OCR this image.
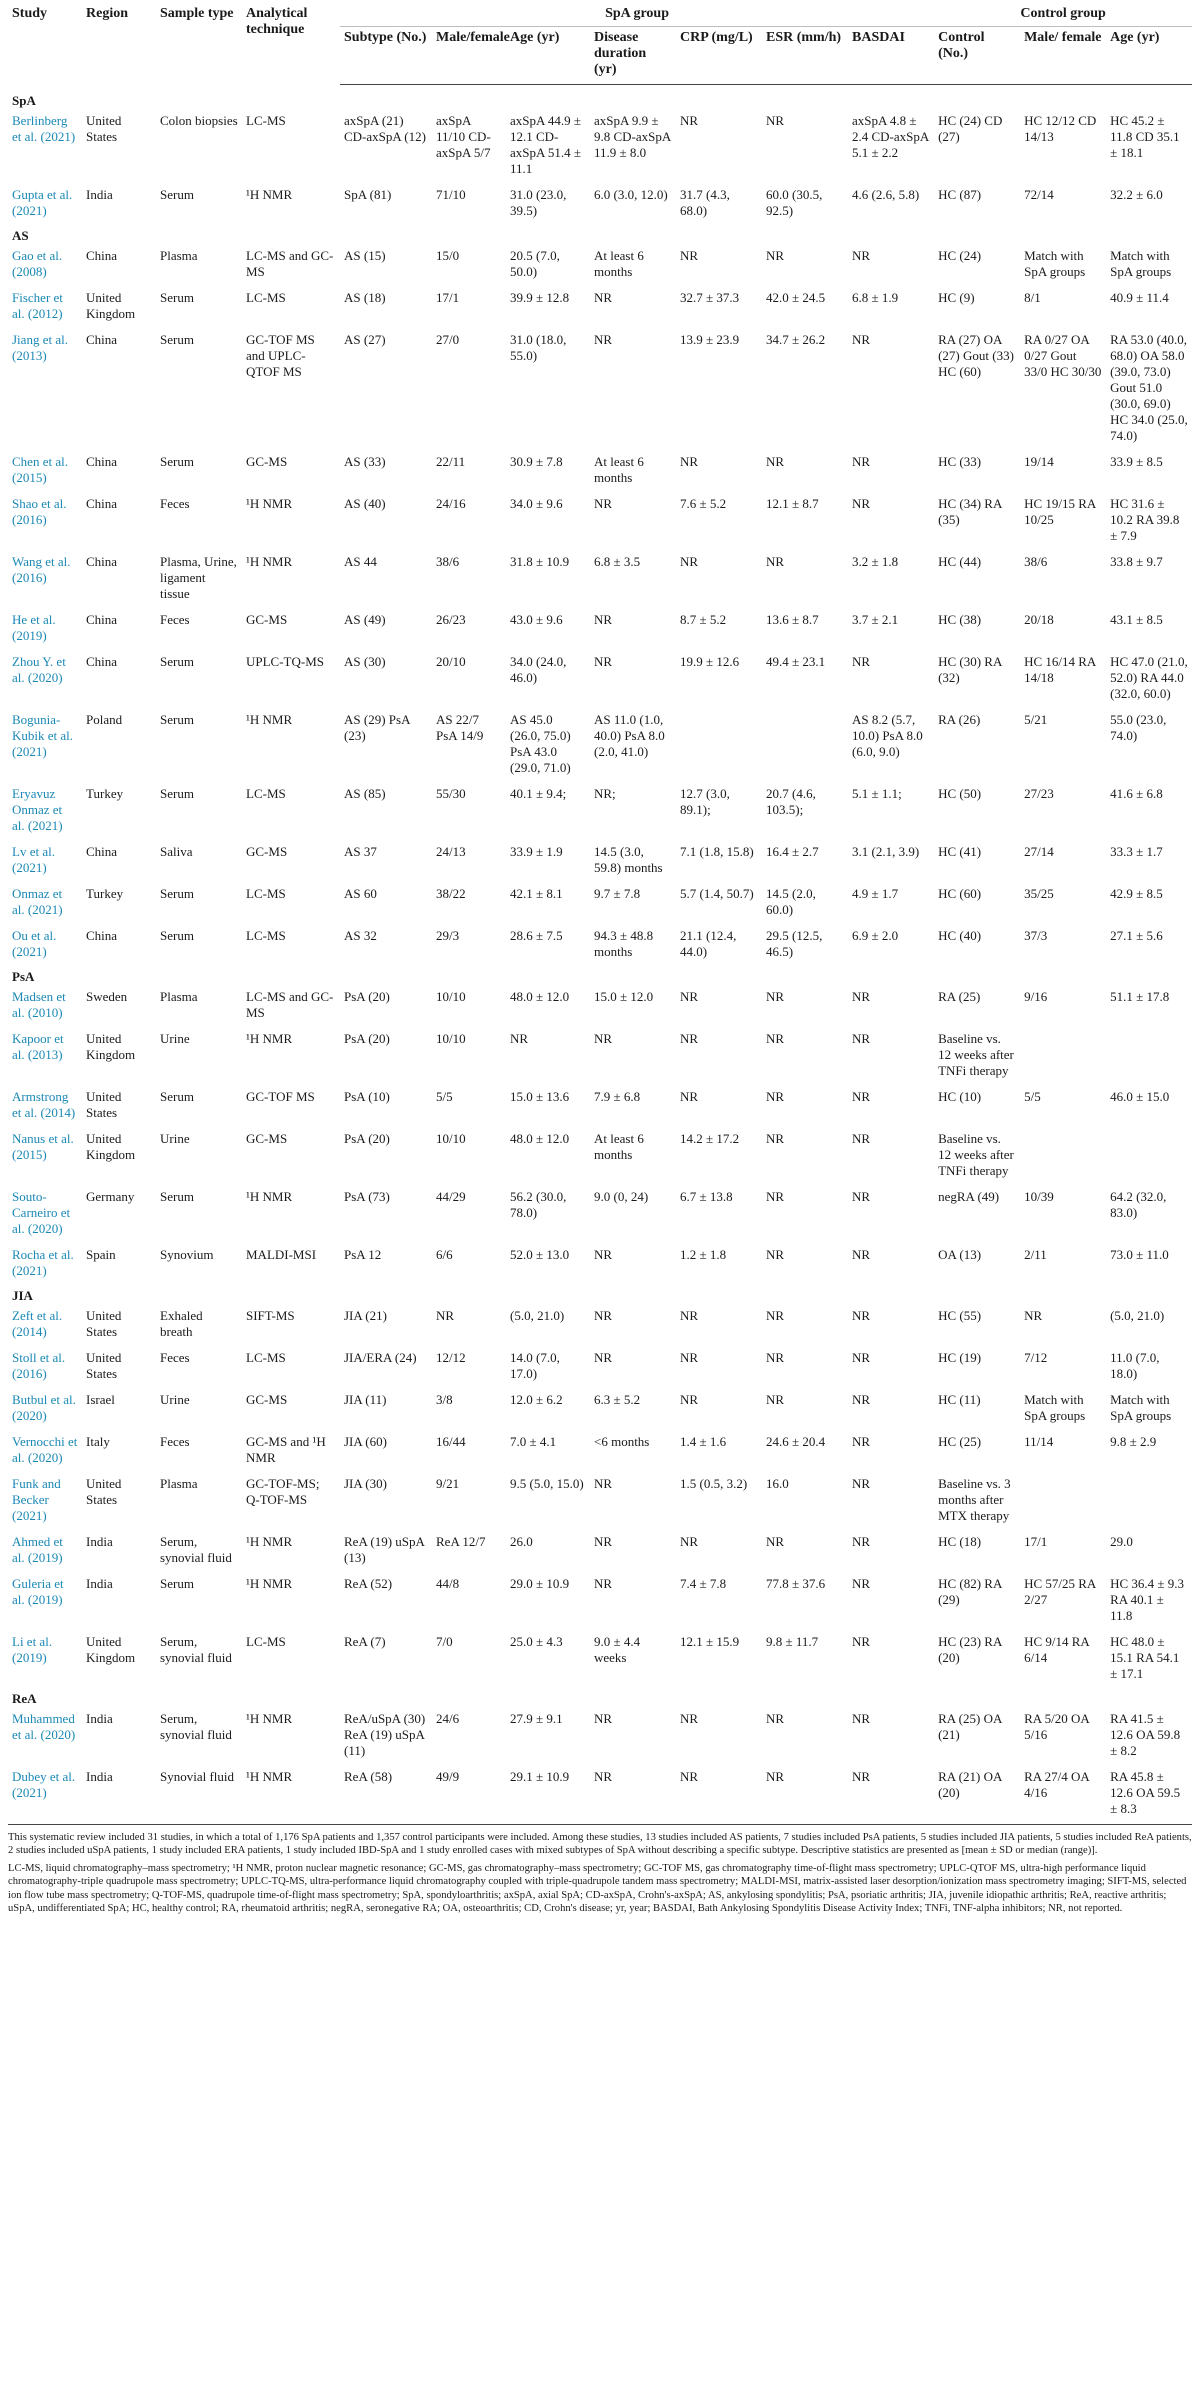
Study	Region	Sample type	Analytical technique	SpA group							Control group		
				Subtype (No.)	Male/female	Age (yr)	Disease duration (yr)	CRP (mg/L)	ESR (mm/h)	BASDAI	Control (No.)	Male/ female	Age (yr)
SpA													
Berlinberg et al. (2021)	United States	Colon biopsies	LC-MS	axSpA (21) CD-axSpA (12)	axSpA 11/10 CD-axSpA 5/7	axSpA 44.9 ± 12.1 CD-axSpA 51.4 ± 11.1	axSpA 9.9 ± 9.8 CD-axSpA 11.9 ± 8.0	NR	NR	axSpA 4.8 ± 2.4 CD-axSpA 5.1 ± 2.2	HC (24) CD (27)	HC 12/12 CD 14/13	HC 45.2 ± 11.8 CD 35.1 ± 18.1
Gupta et al. (2021)	India	Serum	¹H NMR	SpA (81)	71/10	31.0 (23.0, 39.5)	6.0 (3.0, 12.0)	31.7 (4.3, 68.0)	60.0 (30.5, 92.5)	4.6 (2.6, 5.8)	HC (87)	72/14	32.2 ± 6.0
AS													
Gao et al. (2008)	China	Plasma	LC-MS and GC-MS	AS (15)	15/0	20.5 (7.0, 50.0)	At least 6 months	NR	NR	NR	HC (24)	Match with SpA groups	Match with SpA groups
Fischer et al. (2012)	United Kingdom	Serum	LC-MS	AS (18)	17/1	39.9 ± 12.8	NR	32.7 ± 37.3	42.0 ± 24.5	6.8 ± 1.9	HC (9)	8/1	40.9 ± 11.4
Jiang et al. (2013)	China	Serum	GC-TOF MS and UPLC-QTOF MS	AS (27)	27/0	31.0 (18.0, 55.0)	NR	13.9 ± 23.9	34.7 ± 26.2	NR	RA (27) OA (27) Gout (33) HC (60)	RA 0/27 OA 0/27 Gout 33/0 HC 30/30	RA 53.0 (40.0, 68.0) OA 58.0 (39.0, 73.0) Gout 51.0 (30.0, 69.0) HC 34.0 (25.0, 74.0)
Chen et al. (2015)	China	Serum	GC-MS	AS (33)	22/11	30.9 ± 7.8	At least 6 months	NR	NR	NR	HC (33)	19/14	33.9 ± 8.5
Shao et al. (2016)	China	Feces	¹H NMR	AS (40)	24/16	34.0 ± 9.6	NR	7.6 ± 5.2	12.1 ± 8.7	NR	HC (34) RA (35)	HC 19/15 RA 10/25	HC 31.6 ± 10.2 RA 39.8 ± 7.9
Wang et al. (2016)	China	Plasma, Urine, ligament tissue	¹H NMR	AS 44	38/6	31.8 ± 10.9	6.8 ± 3.5	NR	NR	3.2 ± 1.8	HC (44)	38/6	33.8 ± 9.7
He et al. (2019)	China	Feces	GC-MS	AS (49)	26/23	43.0 ± 9.6	NR	8.7 ± 5.2	13.6 ± 8.7	3.7 ± 2.1	HC (38)	20/18	43.1 ± 8.5
Zhou Y. et al. (2020)	China	Serum	UPLC-TQ-MS	AS (30)	20/10	34.0 (24.0, 46.0)	NR	19.9 ± 12.6	49.4 ± 23.1	NR	HC (30) RA (32)	HC 16/14 RA 14/18	HC 47.0 (21.0, 52.0) RA 44.0 (32.0, 60.0)
Bogunia-Kubik et al. (2021)	Poland	Serum	¹H NMR	AS (29) PsA (23)	AS 22/7 PsA 14/9	AS 45.0 (26.0, 75.0) PsA 43.0 (29.0, 71.0)	AS 11.0 (1.0, 40.0) PsA 8.0 (2.0, 41.0)			AS 8.2 (5.7, 10.0) PsA 8.0 (6.0, 9.0)	RA (26)	5/21	55.0 (23.0, 74.0)
Eryavuz Onmaz et al. (2021)	Turkey	Serum	LC-MS	AS (85)	55/30	40.1 ± 9.4;	NR;	12.7 (3.0, 89.1);	20.7 (4.6, 103.5);	5.1 ± 1.1;	HC (50)	27/23	41.6 ± 6.8
Lv et al. (2021)	China	Saliva	GC-MS	AS 37	24/13	33.9 ± 1.9	14.5 (3.0, 59.8) months	7.1 (1.8, 15.8)	16.4 ± 2.7	3.1 (2.1, 3.9)	HC (41)	27/14	33.3 ± 1.7
Onmaz et al. (2021)	Turkey	Serum	LC-MS	AS 60	38/22	42.1 ± 8.1	9.7 ± 7.8	5.7 (1.4, 50.7)	14.5 (2.0, 60.0)	4.9 ± 1.7	HC (60)	35/25	42.9 ± 8.5
Ou et al. (2021)	China	Serum	LC-MS	AS 32	29/3	28.6 ± 7.5	94.3 ± 48.8 months	21.1 (12.4, 44.0)	29.5 (12.5, 46.5)	6.9 ± 2.0	HC (40)	37/3	27.1 ± 5.6
PsA													
Madsen et al. (2010)	Sweden	Plasma	LC-MS and GC-MS	PsA (20)	10/10	48.0 ± 12.0	15.0 ± 12.0	NR	NR	NR	RA (25)	9/16	51.1 ± 17.8
Kapoor et al. (2013)	United Kingdom	Urine	¹H NMR	PsA (20)	10/10	NR	NR	NR	NR	NR	Baseline vs. 12 weeks after TNFi therapy		
Armstrong et al. (2014)	United States	Serum	GC-TOF MS	PsA (10)	5/5	15.0 ± 13.6	7.9 ± 6.8	NR	NR	NR	HC (10)	5/5	46.0 ± 15.0
Nanus et al. (2015)	United Kingdom	Urine	GC-MS	PsA (20)	10/10	48.0 ± 12.0	At least 6 months	14.2 ± 17.2	NR	NR	Baseline vs. 12 weeks after TNFi therapy		
Souto-Carneiro et al. (2020)	Germany	Serum	¹H NMR	PsA (73)	44/29	56.2 (30.0, 78.0)	9.0 (0, 24)	6.7 ± 13.8	NR	NR	negRA (49)	10/39	64.2 (32.0, 83.0)
Rocha et al. (2021)	Spain	Synovium	MALDI-MSI	PsA 12	6/6	52.0 ± 13.0	NR	1.2 ± 1.8	NR	NR	OA (13)	2/11	73.0 ± 11.0
JIA													
Zeft et al. (2014)	United States	Exhaled breath	SIFT-MS	JIA (21)	NR	(5.0, 21.0)	NR	NR	NR	NR	HC (55)	NR	(5.0, 21.0)
Stoll et al. (2016)	United States	Feces	LC-MS	JIA/ERA (24)	12/12	14.0 (7.0, 17.0)	NR	NR	NR	NR	HC (19)	7/12	11.0 (7.0, 18.0)
Butbul et al. (2020)	Israel	Urine	GC-MS	JIA (11)	3/8	12.0 ± 6.2	6.3 ± 5.2	NR	NR	NR	HC (11)	Match with SpA groups	Match with SpA groups
Vernocchi et al. (2020)	Italy	Feces	GC-MS and ¹H NMR	JIA (60)	16/44	7.0 ± 4.1	<6 months	1.4 ± 1.6	24.6 ± 20.4	NR	HC (25)	11/14	9.8 ± 2.9
Funk and Becker (2021)	United States	Plasma	GC-TOF-MS; Q-TOF-MS	JIA (30)	9/21	9.5 (5.0, 15.0)	NR	1.5 (0.5, 3.2)	16.0	NR	Baseline vs. 3 months after MTX therapy		
Ahmed et al. (2019)	India	Serum, synovial fluid	¹H NMR	ReA (19) uSpA (13)	ReA 12/7	26.0	NR	NR	NR	NR	HC (18)	17/1	29.0
Guleria et al. (2019)	India	Serum	¹H NMR	ReA (52)	44/8	29.0 ± 10.9	NR	7.4 ± 7.8	77.8 ± 37.6	NR	HC (82) RA (29)	HC 57/25 RA 2/27	HC 36.4 ± 9.3 RA 40.1 ± 11.8
Li et al. (2019)	United Kingdom	Serum, synovial fluid	LC-MS	ReA (7)	7/0	25.0 ± 4.3	9.0 ± 4.4 weeks	12.1 ± 15.9	9.8 ± 11.7	NR	HC (23) RA (20)	HC 9/14 RA 6/14	HC 48.0 ± 15.1 RA 54.1 ± 17.1
ReA													
Muhammed et al. (2020)	India	Serum, synovial fluid	¹H NMR	ReA/uSpA (30) ReA (19) uSpA (11)	24/6	27.9 ± 9.1	NR	NR	NR	NR	RA (25) OA (21)	RA 5/20 OA 5/16	RA 41.5 ± 12.6 OA 59.8 ± 8.2
Dubey et al. (2021)	India	Synovial fluid	¹H NMR	ReA (58)	49/9	29.1 ± 10.9	NR	NR	NR	NR	RA (21) OA (20)	RA 27/4 OA 4/16	RA 45.8 ± 12.6 OA 59.5 ± 8.3

This systematic review included 31 studies, in which a total of 1,176 SpA patients and 1,357 control participants were included. Among these studies, 13 studies included AS patients, 7 studies included PsA patients, 5 studies included JIA patients, 5 studies included ReA patients, 2 studies included uSpA patients, 1 study included ERA patients, 1 study included IBD-SpA and 1 study enrolled cases with mixed subtypes of SpA without describing a specific subtype. Descriptive statistics are presented as [mean ± SD or median (range)].

LC-MS, liquid chromatography–mass spectrometry; ¹H NMR, proton nuclear magnetic resonance; GC-MS, gas chromatography–mass spectrometry; GC-TOF MS, gas chromatography time-of-flight mass spectrometry; UPLC-QTOF MS, ultra-high performance liquid chromatography-triple quadrupole mass spectrometry; UPLC-TQ-MS, ultra-performance liquid chromatography coupled with triple-quadrupole tandem mass spectrometry; MALDI-MSI, matrix-assisted laser desorption/ionization mass spectrometry imaging; SIFT-MS, selected ion flow tube mass spectrometry; Q-TOF-MS, quadrupole time-of-flight mass spectrometry; SpA, spondyloarthritis; axSpA, axial SpA; CD-axSpA, Crohn's-axSpA; AS, ankylosing spondylitis; PsA, psoriatic arthritis; JIA, juvenile idiopathic arthritis; ReA, reactive arthritis; uSpA, undifferentiated SpA; HC, healthy control; RA, rheumatoid arthritis; negRA, seronegative RA; OA, osteoarthritis; CD, Crohn's disease; yr, year; BASDAI, Bath Ankylosing Spondylitis Disease Activity Index; TNFi, TNF-alpha inhibitors; NR, not reported.
